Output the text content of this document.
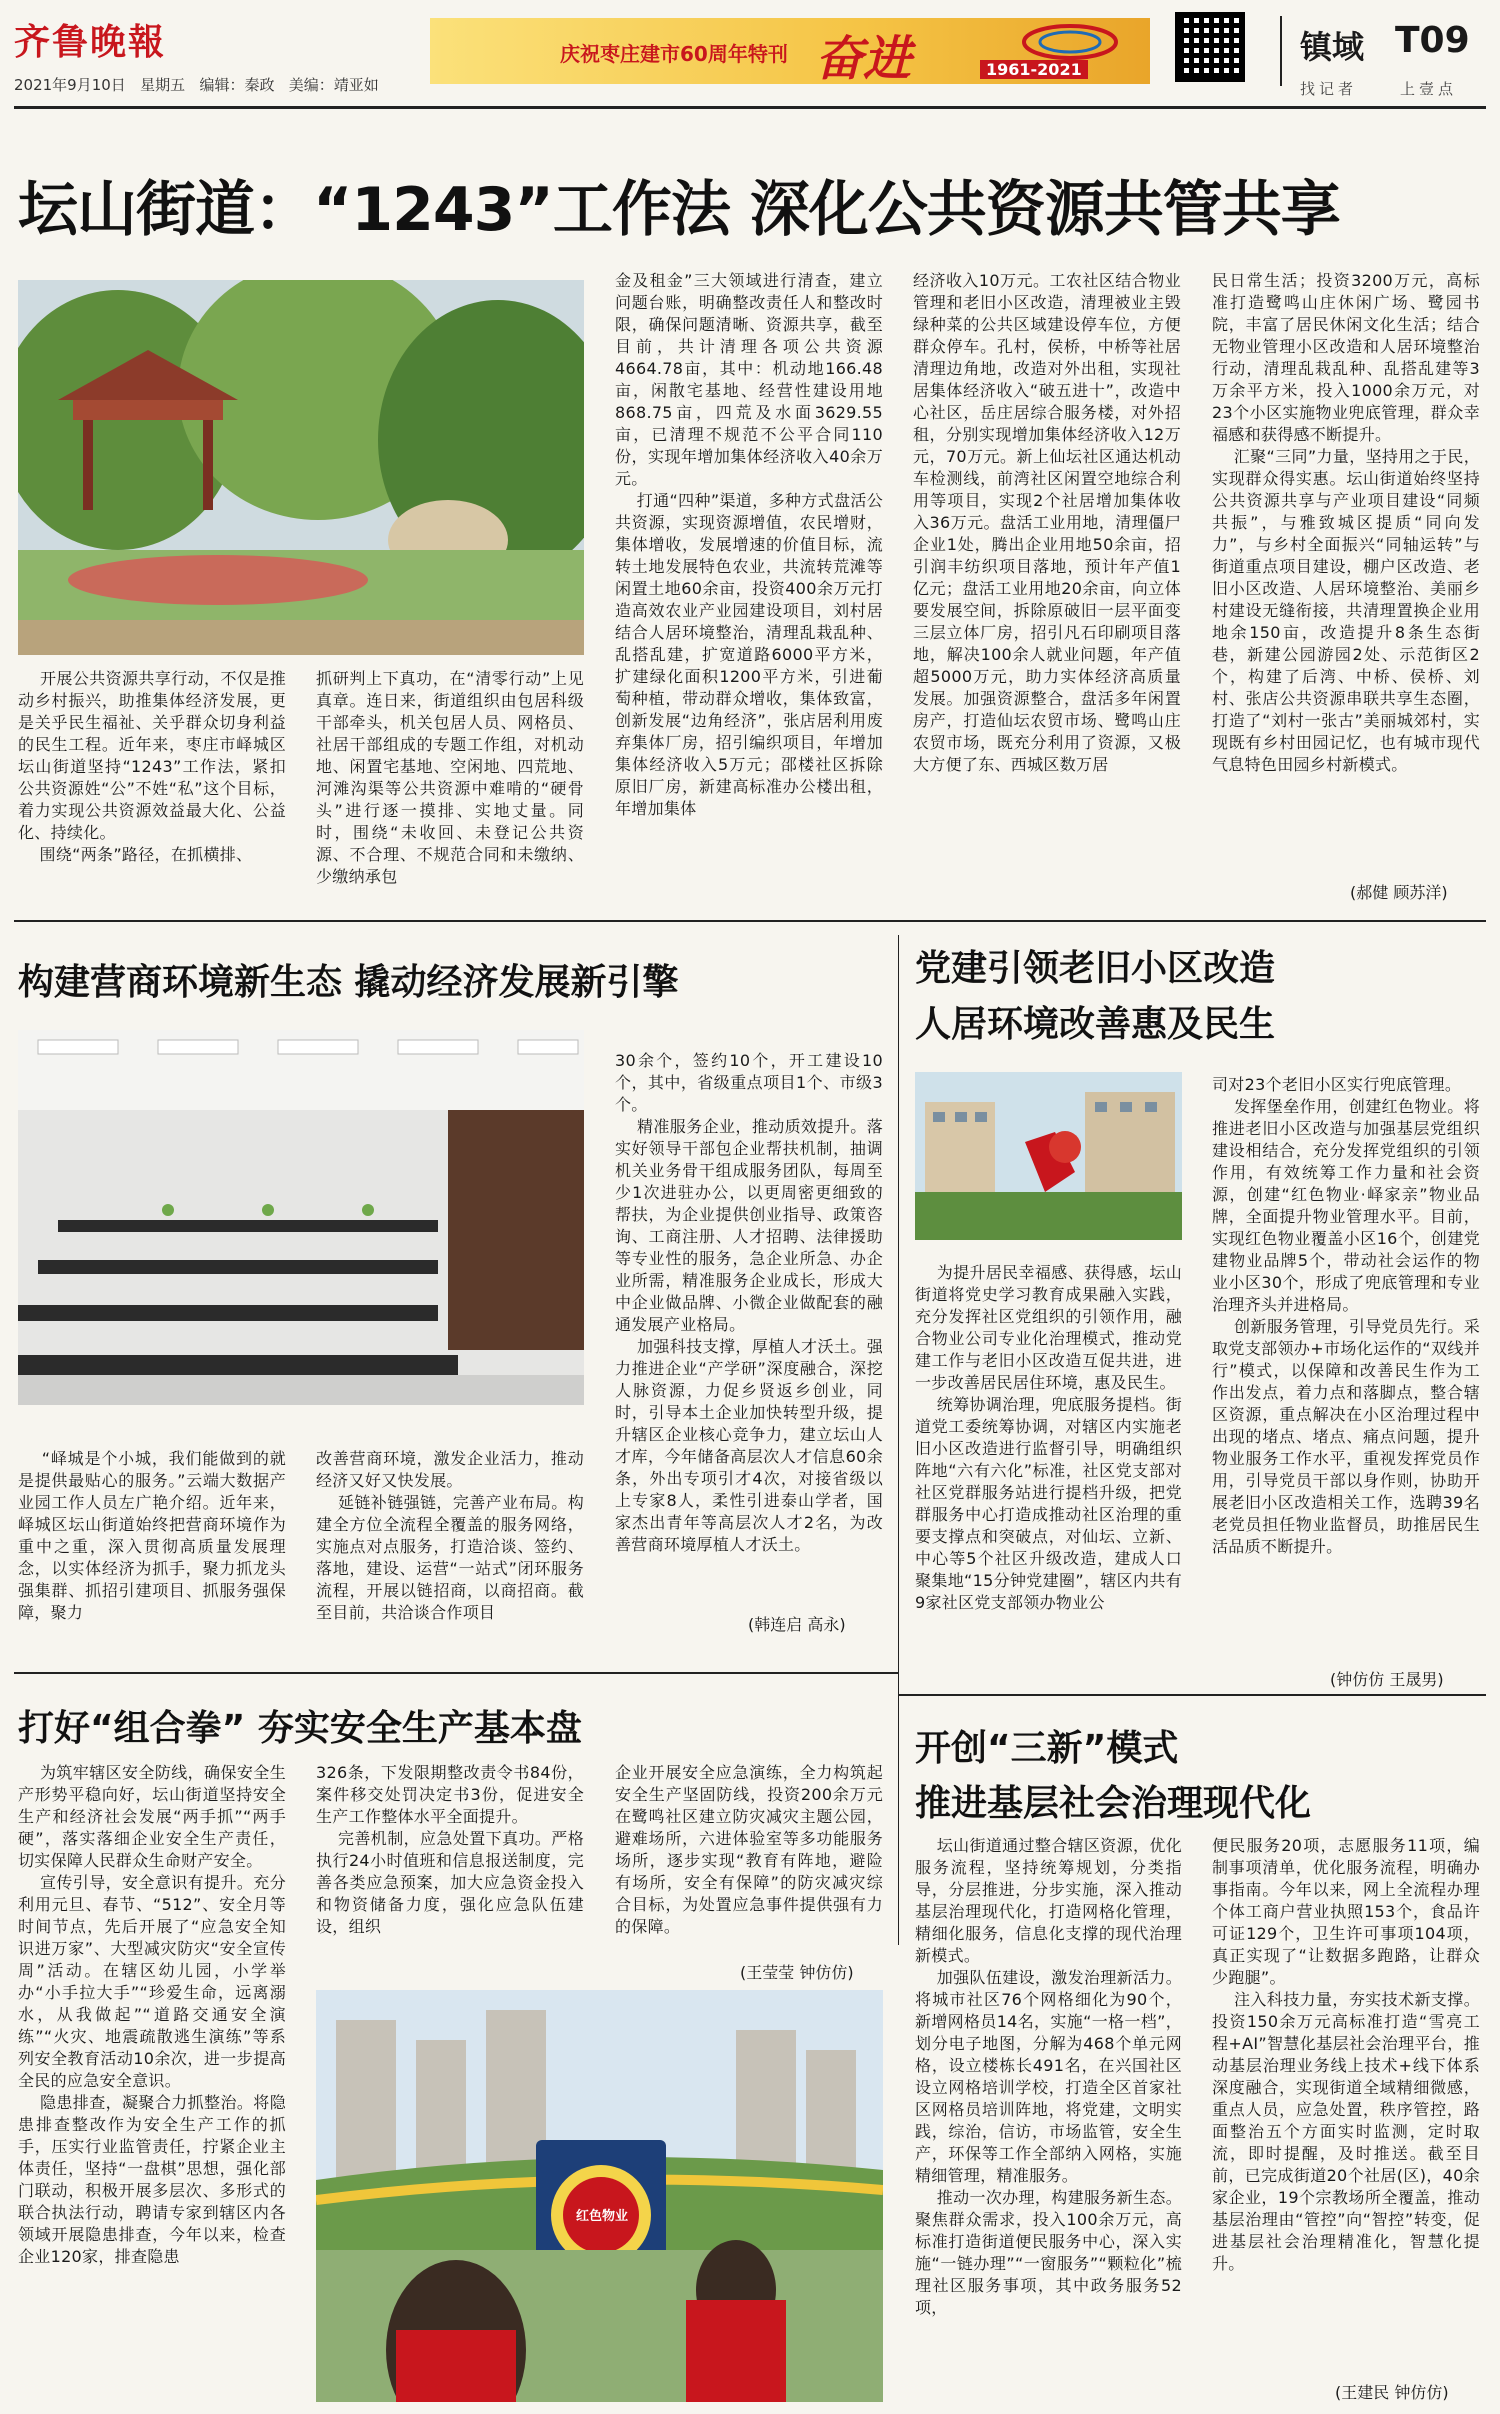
齐鲁晚報
2021年9月10日 星期五 编辑：秦政 美编：靖亚如
庆祝枣庄建市60周年特刊 奋进	1961-2021
镇域 T09
找记者	上壹点
坛山街道：“1243”工作法 深化公共资源共管共享
开展公共资源共享行动，不仅是推动乡村振兴，助推集体经济发展，更是关乎民生福祉、关乎群众切身利益的民生工程。近年来，枣庄市峄城区坛山街道坚持“1243”工作法，紧扣公共资源姓“公”不姓“私”这个目标，着力实现公共资源效益最大化、公益化、持续化。
围绕“两条”路径，在抓横排、
抓研判上下真功，在“清零行动”上见真章。连日来，街道组织由包居科级干部牵头，机关包居人员、网格员、社居干部组成的专题工作组，对机动地、闲置宅基地、空闲地、四荒地、河滩沟渠等公共资源中难啃的“硬骨头”进行逐一摸排、实地丈量。同时，围绕“未收回、未登记公共资源、不合理、不规范合同和未缴纳、少缴纳承包
金及租金”三大领域进行清查，建立问题台账，明确整改责任人和整改时限，确保问题清晰、资源共享，截至目前，共计清理各项公共资源4664.78亩，其中：机动地166.48亩，闲散宅基地、经营性建设用地868.75亩，四荒及水面3629.55亩，已清理不规范不公平合同110份，实现年增加集体经济收入40余万元。
打通“四种”渠道，多种方式盘活公共资源，实现资源增值，农民增财，集体增收，发展增速的价值目标，流转土地发展特色农业，共流转荒滩等闲置土地60余亩，投资400余万元打造高效农业产业园建设项目，刘村居结合人居环境整治，清理乱栽乱种、乱搭乱建，扩宽道路6000平方米，扩建绿化面积1200平方米，引进葡萄种植，带动群众增收，集体致富，创新发展“边角经济”，张店居利用废弃集体厂房，招引编织项目，年增加集体经济收入5万元；邵楼社区拆除原旧厂房，新建高标准办公楼出租，年增加集体
经济收入10万元。工农社区结合物业管理和老旧小区改造，清理被业主毁绿种菜的公共区域建设停车位，方便群众停车。孔村，侯桥，中桥等社居清理边角地，改造对外出租，实现社居集体经济收入“破五进十”，改造中心社区，岳庄居综合服务楼，对外招租，分别实现增加集体经济收入12万元，70万元。新上仙坛社区通达机动车检测线，前湾社区闲置空地综合利用等项目，实现2个社居增加集体收入36万元。盘活工业用地，清理僵尸企业1处，腾出企业用地50余亩，招引润丰纺织项目落地，预计年产值1亿元；盘活工业用地20余亩，向立体要发展空间，拆除原破旧一层平面变三层立体厂房，招引凡石印刷项目落地，解决100余人就业问题，年产值超5000万元，助力实体经济高质量发展。加强资源整合，盘活多年闲置房产，打造仙坛农贸市场、鹭鸣山庄农贸市场，既充分利用了资源，又极大方便了东、西城区数万居
民日常生活；投资3200万元，高标准打造鹭鸣山庄休闲广场、鹭园书院，丰富了居民休闲文化生活；结合无物业管理小区改造和人居环境整治行动，清理乱栽乱种、乱搭乱建等3万余平方米，投入1000余万元，对23个小区实施物业兜底管理，群众幸福感和获得感不断提升。
汇聚“三同”力量，坚持用之于民，实现群众得实惠。坛山街道始终坚持公共资源共享与产业项目建设“同频共振”，与雅致城区提质“同向发力”，与乡村全面振兴“同轴运转”与街道重点项目建设，棚户区改造、老旧小区改造、人居环境整治、美丽乡村建设无缝衔接，共清理置换企业用地余150亩，改造提升8条生态街巷，新建公园游园2处、示范街区2个，构建了后湾、中桥、侯桥、刘村、张店公共资源串联共享生态圈，打造了“刘村一张古”美丽城郊村，实现既有乡村田园记忆，也有城市现代气息特色田园乡村新模式。
(郝健 顾苏洋)
构建营商环境新生态 撬动经济发展新引擎
“峄城是个小城，我们能做到的就是提供最贴心的服务。”云端大数据产业园工作人员左广艳介绍。近年来，峄城区坛山街道始终把营商环境作为重中之重，深入贯彻高质量发展理念，以实体经济为抓手，聚力抓龙头强集群、抓招引建项目、抓服务强保障，聚力
改善营商环境，激发企业活力，推动经济又好又快发展。
延链补链强链，完善产业布局。构建全方位全流程全覆盖的服务网络，实施点对点服务，打造洽谈、签约、落地，建设、运营“一站式”闭环服务流程，开展以链招商，以商招商。截至目前，共洽谈合作项目
30余个，签约10个，开工建设10个，其中，省级重点项目1个、市级3个。
精准服务企业，推动质效提升。落实好领导干部包企业帮扶机制，抽调机关业务骨干组成服务团队，每周至少1次进驻办公，以更周密更细致的帮扶，为企业提供创业指导、政策咨询、工商注册、人才招聘、法律援助等专业性的服务，急企业所急、办企业所需，精准服务企业成长，形成大中企业做品牌、小微企业做配套的融通发展产业格局。
加强科技支撑，厚植人才沃土。强力推进企业“产学研”深度融合，深挖人脉资源，力促乡贤返乡创业，同时，引导本土企业加快转型升级，提升辖区企业核心竞争力，建立坛山人才库，今年储备高层次人才信息60余条，外出专项引才4次，对接省级以上专家8人，柔性引进泰山学者，国家杰出青年等高层次人才2名，为改善营商环境厚植人才沃土。
(韩连启 高永)
党建引领老旧小区改造
人居环境改善惠及民生
为提升居民幸福感、获得感，坛山街道将党史学习教育成果融入实践，充分发挥社区党组织的引领作用，融合物业公司专业化治理模式，推动党建工作与老旧小区改造互促共进，进一步改善居民居住环境，惠及民生。
统筹协调治理，兜底服务提档。街道党工委统筹协调，对辖区内实施老旧小区改造进行监督引导，明确组织阵地“六有六化”标准，社区党支部对社区党群服务站进行提档升级，把党群服务中心打造成推动社区治理的重要支撑点和突破点，对仙坛、立新、中心等5个社区升级改造，建成人口聚集地“15分钟党建圈”，辖区内共有9家社区党支部领办物业公
司对23个老旧小区实行兜底管理。
发挥堡垒作用，创建红色物业。将推进老旧小区改造与加强基层党组织建设相结合，充分发挥党组织的引领作用，有效统筹工作力量和社会资源，创建“红色物业·峄家亲”物业品牌，全面提升物业管理水平。目前，实现红色物业覆盖小区16个，创建党建物业品牌5个，带动社会运作的物业小区30个，形成了兜底管理和专业治理齐头并进格局。
创新服务管理，引导党员先行。采取党支部领办+市场化运作的“双线并行”模式，以保障和改善民生作为工作出发点，着力点和落脚点，整合辖区资源，重点解决在小区治理过程中出现的堵点、堵点、痛点问题，提升物业服务工作水平，重视发挥党员作用，引导党员干部以身作则，协助开展老旧小区改造相关工作，选聘39名老党员担任物业监督员，助推居民生活品质不断提升。
(钟仿仿 王晟男)
打好“组合拳” 夯实安全生产基本盘
为筑牢辖区安全防线，确保安全生产形势平稳向好，坛山街道坚持安全生产和经济社会发展“两手抓”“两手硬”，落实落细企业安全生产责任，切实保障人民群众生命财产安全。
宣传引导，安全意识有提升。充分利用元旦、春节、“512”、安全月等时间节点，先后开展了“应急安全知识进万家”、大型减灾防灾“安全宣传周”活动。在辖区幼儿园，小学举办“小手拉大手”“珍爱生命，远离溺水，从我做起”“道路交通安全演练”“火灾、地震疏散逃生演练”等系列安全教育活动10余次，进一步提高全民的应急安全意识。
隐患排查，凝聚合力抓整治。将隐患排查整改作为安全生产工作的抓手，压实行业监管责任，拧紧企业主体责任，坚持“一盘棋”思想，强化部门联动，积极开展多层次、多形式的联合执法行动，聘请专家到辖区内各领域开展隐患排查，今年以来，检查企业120家，排查隐患
326条，下发限期整改责令书84份，案件移交处罚决定书3份，促进安全生产工作整体水平全面提升。
完善机制，应急处置下真功。严格执行24小时值班和信息报送制度，完善各类应急预案，加大应急资金投入和物资储备力度，强化应急队伍建设，组织
企业开展安全应急演练，全力构筑起安全生产坚固防线，投资200余万元在鹭鸣社区建立防灾减灾主题公园，避难场所，六进体验室等多功能服务场所，逐步实现“教育有阵地，避险有场所，安全有保障”的防灾减灾综合目标，为处置应急事件提供强有力的保障。
(王莹莹 钟仿仿)
红色物业
开创“三新”模式
推进基层社会治理现代化
坛山街道通过整合辖区资源，优化服务流程，坚持统筹规划，分类指导，分层推进，分步实施，深入推动基层治理现代化，打造网格化管理，精细化服务，信息化支撑的现代治理新模式。
加强队伍建设，激发治理新活力。将城市社区76个网格细化为90个，新增网格员14名，实施“一格一档”，划分电子地图，分解为468个单元网格，设立楼栋长491名，在兴国社区设立网格培训学校，打造全区首家社区网格员培训阵地，将党建，文明实践，综治，信访，市场监管，安全生产，环保等工作全部纳入网格，实施精细管理，精准服务。
推动一次办理，构建服务新生态。聚焦群众需求，投入100余万元，高标准打造街道便民服务中心，深入实施“一链办理”“一窗服务”“颗粒化”梳理社区服务事项，其中政务服务52项，
便民服务20项，志愿服务11项，编制事项清单，优化服务流程，明确办事指南。今年以来，网上全流程办理个体工商户营业执照153个，食品许可证129个，卫生许可事项104项，真正实现了“让数据多跑路，让群众少跑腿”。
注入科技力量，夯实技术新支撑。投资150余万元高标准打造“雪亮工程+AI”智慧化基层社会治理平台，推动基层治理业务线上技术+线下体系深度融合，实现街道全域精细微感，重点人员，应急处置，秩序管控，路面整治五个方面实时监测，定时取流，即时提醒，及时推送。截至目前，已完成街道20个社居(区)，40余家企业，19个宗教场所全覆盖，推动基层治理由“管控”向“智控”转变，促进基层社会治理精准化，智慧化提升。
(王建民 钟仿仿)
